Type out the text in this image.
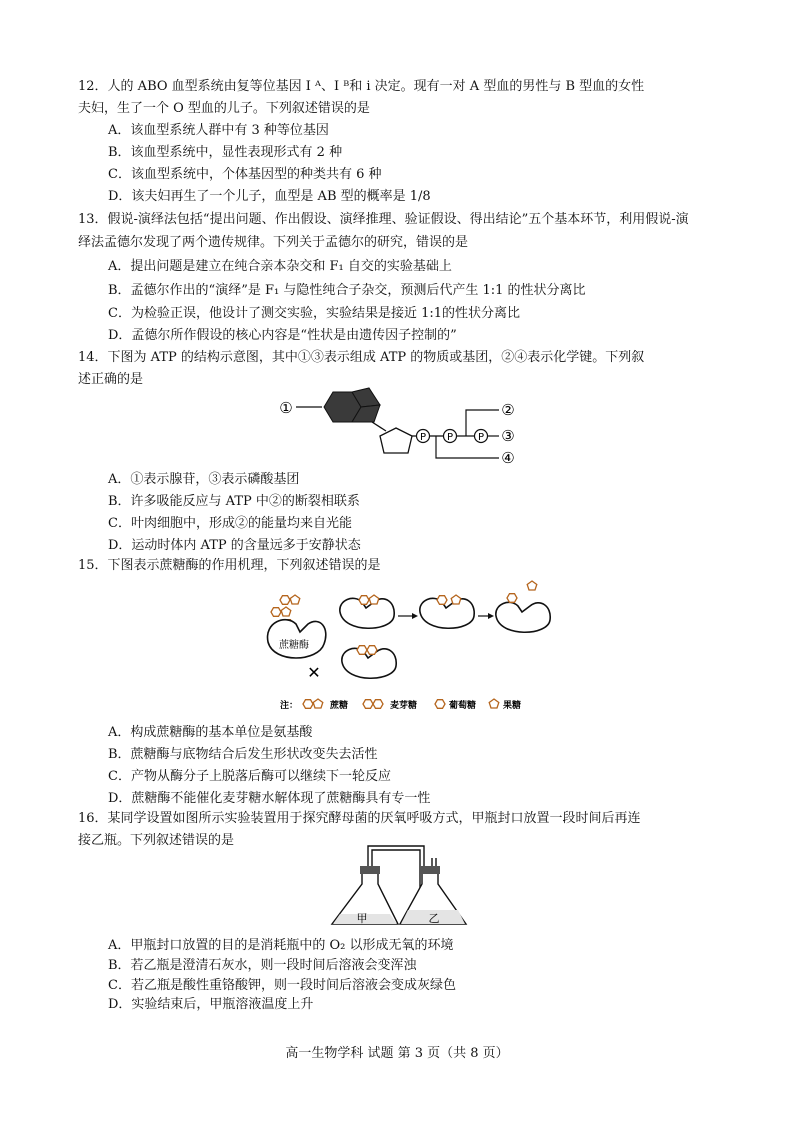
12．人的 ABO 血型系统由复等位基因 I ᴬ、I ᴮ和 i 决定。现有一对 A 型血的男性与 B 型血的女性
夫妇，生了一个 O 型血的儿子。下列叙述错误的是
A．该血型系统人群中有 3 种等位基因
B．该血型系统中，显性表现形式有 2 种
C．该血型系统中，个体基因型的种类共有 6 种
D．该夫妇再生了一个儿子，血型是 AB 型的概率是 1/8
13．假说-演绎法包括“提出问题、作出假设、演绎推理、验证假设、得出结论”五个基本环节，利用假说-演
绎法孟德尔发现了两个遗传规律。下列关于孟德尔的研究，错误的是
A．提出问题是建立在纯合亲本杂交和 F₁ 自交的实验基础上
B．孟德尔作出的“演绎”是 F₁ 与隐性纯合子杂交，预测后代产生 1:1 的性状分离比
C．为检验正误，他设计了测交实验，实验结果是接近 1:1的性状分离比
D．孟德尔所作假设的核心内容是“性状是由遗传因子控制的”
14．下图为 ATP 的结构示意图，其中①③表示组成 ATP 的物质或基团，②④表示化学键。下列叙
述正确的是
①
P P P
②
③
④
A．①表示腺苷，③表示磷酸基团
B．许多吸能反应与 ATP 中②的断裂相联系
C．叶肉细胞中，形成②的能量均来自光能
D．运动时体内 ATP 的含量远多于安静状态
15．下图表示蔗糖酶的作用机理，下列叙述错误的是
蔗糖酶
✕
注：	蔗糖	麦芽糖	葡萄糖	果糖
A．构成蔗糖酶的基本单位是氨基酸
B．蔗糖酶与底物结合后发生形状改变失去活性
C．产物从酶分子上脱落后酶可以继续下一轮反应
D．蔗糖酶不能催化麦芽糖水解体现了蔗糖酶具有专一性
16．某同学设置如图所示实验装置用于探究酵母菌的厌氧呼吸方式，甲瓶封口放置一段时间后再连
接乙瓶。下列叙述错误的是
甲	乙
A．甲瓶封口放置的目的是消耗瓶中的 O₂ 以形成无氧的环境
B．若乙瓶是澄清石灰水，则一段时间后溶液会变浑浊
C．若乙瓶是酸性重铬酸钾，则一段时间后溶液会变成灰绿色
D．实验结束后，甲瓶溶液温度上升
高一生物学科 试题 第 3 页（共 8 页）
